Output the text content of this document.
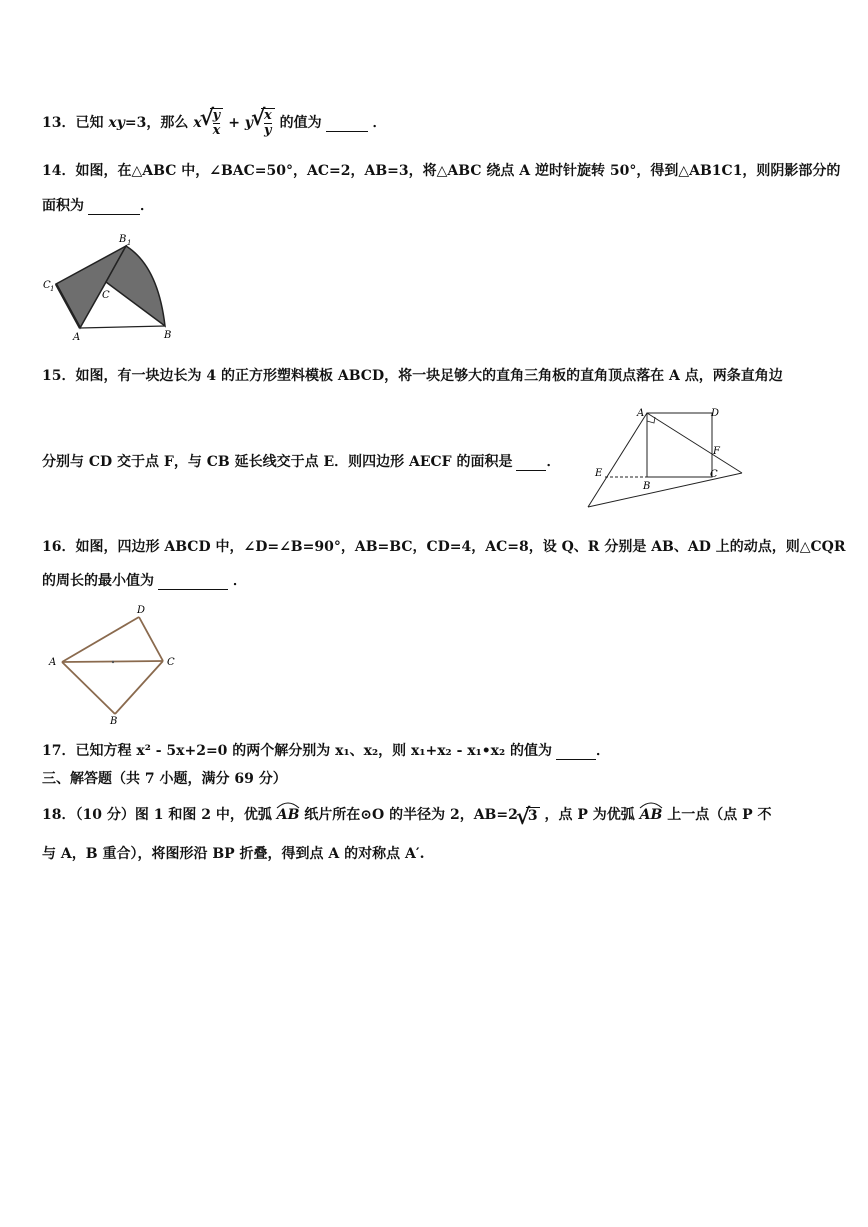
13．已知 xy=3，那么 x √ $\frac{y}{x} + y$ √ $\frac{x}{y}$ 的值为	．
14．如图，在△ABC 中，∠BAC=50°，AC=2，AB=3，将△ABC 绕点 A 逆时针旋转 50°，得到△AB1C1，则阴影部分的
面积为	．
B 1
C 1
C
A	B
15．如图，有一块边长为 4 的正方形塑料模板 ABCD，将一块足够大的直角三角板的直角顶点落在 A 点，两条直角边
分别与 CD 交于点 F，与 CB 延长线交于点 E．则四边形 AECF 的面积是 ．
A	D
F
E
B
C
16．如图，四边形 ABCD 中，∠D=∠B=90°，AB=BC，CD=4，AC=8，设 Q、R 分别是 AB、AD 上的动点，则△CQR
的周长的最小值为	．
D
A	C
B
17．已知方程 x² - 5x+2=0 的两个解分别为 x₁、x₂，则 x₁+x₂ - x₁•x₂ 的值为	．
三、解答题（共 7 小题，满分 69 分）
18．（10 分）图 1 和图 2 中，优弧 AB 纸片所在⊙O 的半径为 2，AB=2 √ 3 ，点 P 为优弧 AB 上一点（点 P 不
与 A，B 重合），将图形沿 BP 折叠，得到点 A 的对称点 A′.
